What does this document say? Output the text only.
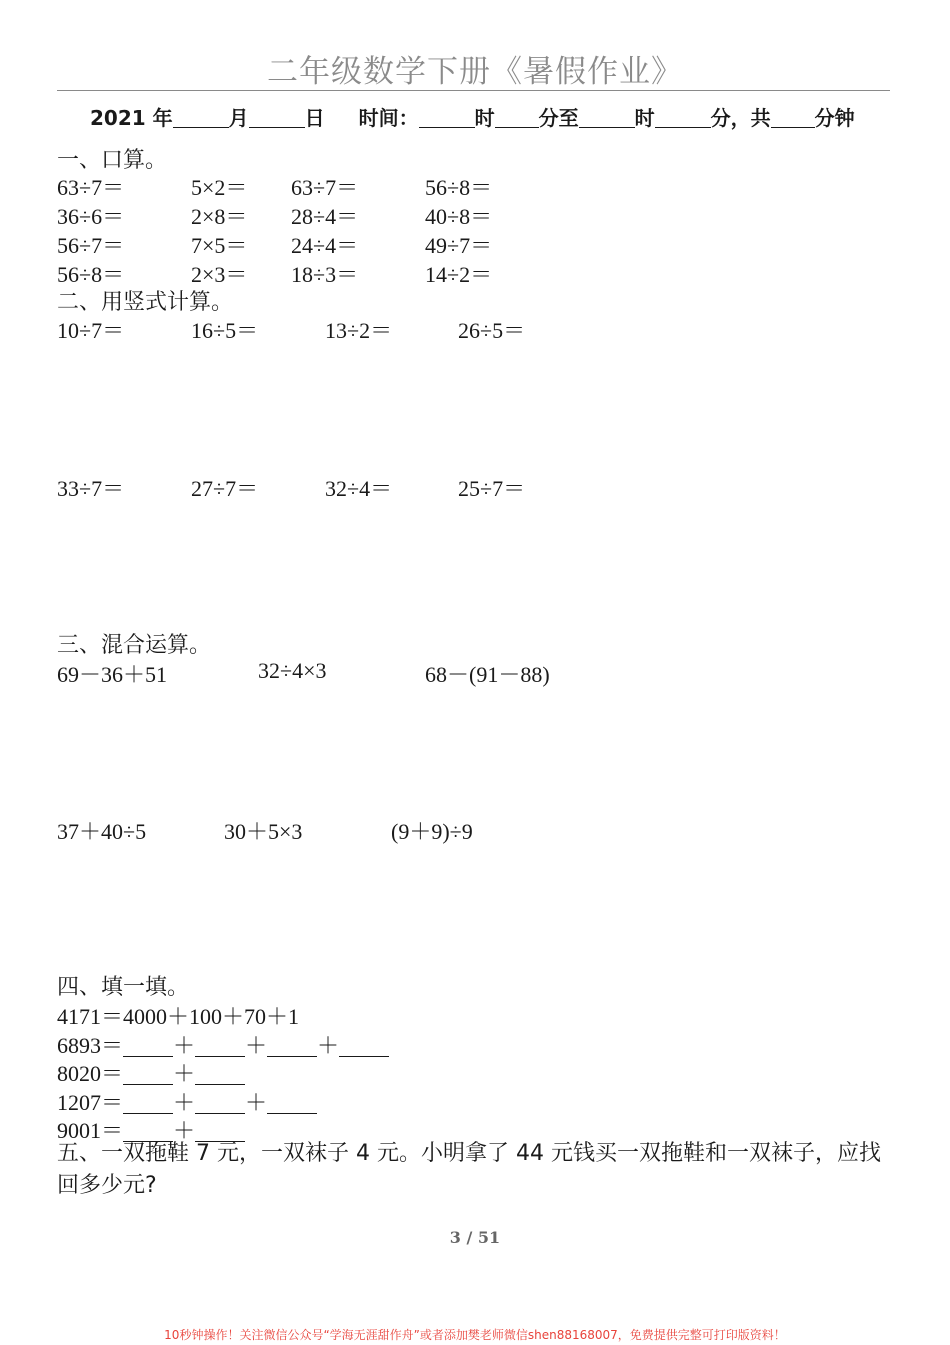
二年级数学下册《暑假作业》
2021 年	月	日 时间：	时 分至	时	分，共 分钟
一、口算。
63÷7＝	5×2＝ 63÷7＝	56÷8＝
36÷6＝	2×8＝ 28÷4＝	40÷8＝
56÷7＝	7×5＝ 24÷4＝	49÷7＝
56÷8＝	2×3＝ 18÷3＝	14÷2＝
二、用竖式计算。
10÷7＝	16÷5＝	13÷2＝	26÷5＝
33÷7＝	27÷7＝	32÷4＝	25÷7＝
三、混合运算。
69－36＋51	32÷4×3	68－(91－88)
37＋40÷5	30＋5×3	(9＋9)÷9
四、填一填。
4171＝4000＋100＋70＋1
6893＝ ＋ ＋ ＋
8020＝ ＋
1207＝ ＋ ＋
9001＝ ＋
五、一双拖鞋 7 元，一双袜子 4 元。小明拿了 44 元钱买一双拖鞋和一双袜子，应找回多少元?
3 / 51
10秒钟操作！关注微信公众号“学海无涯甜作舟”或者添加樊老师微信shen88168007，免费提供完整可打印版资料！
